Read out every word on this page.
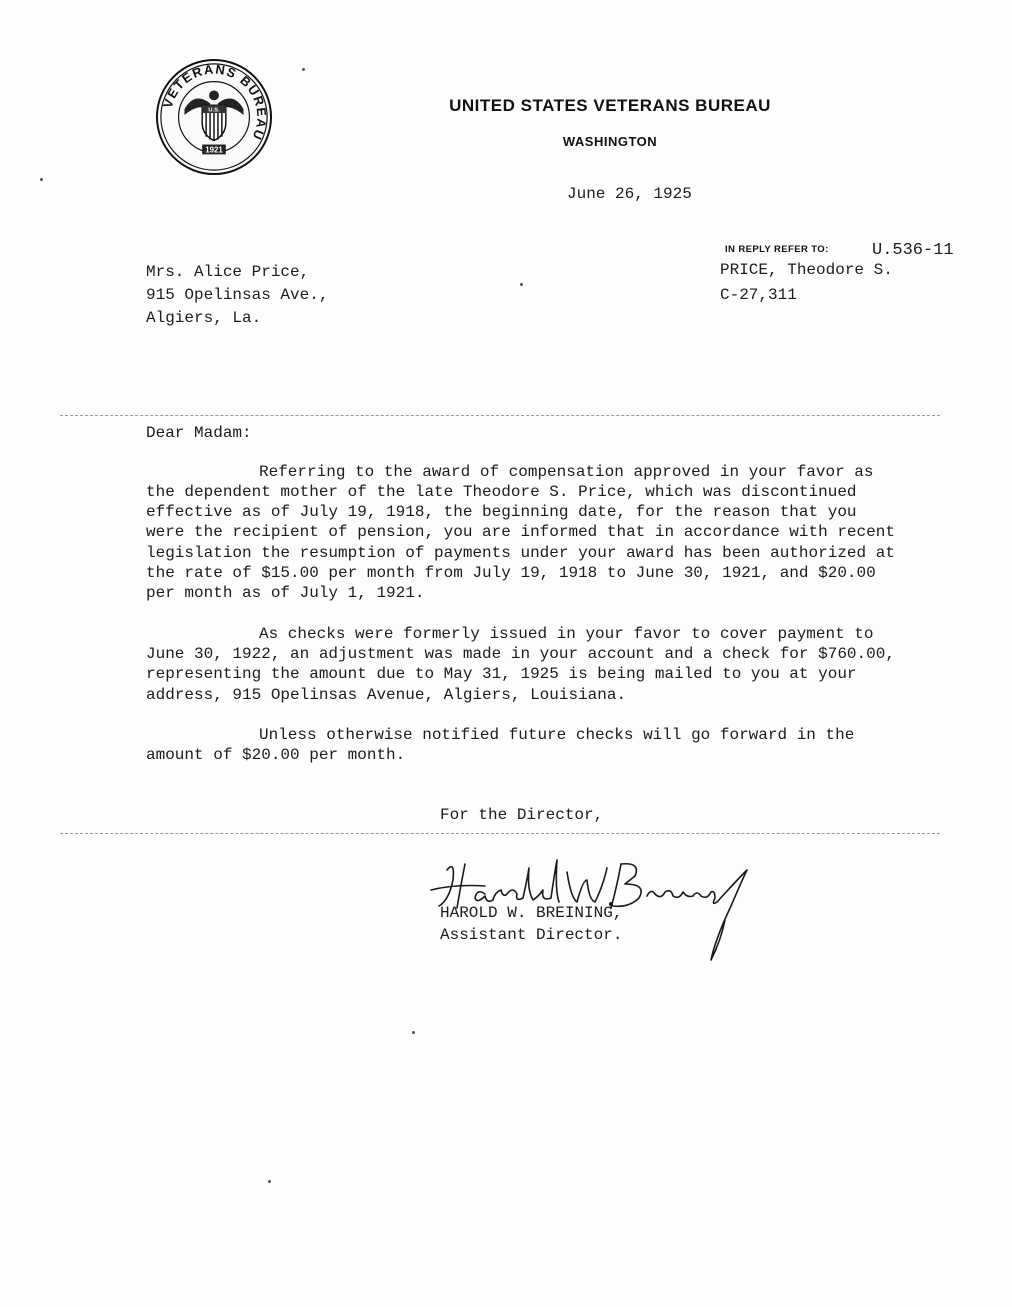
VETERANS BUREAU
U.S.
1921
UNITED STATES VETERANS BUREAU
WASHINGTON
June 26, 1925
IN REPLY REFER TO:	U.536-11
PRICE, Theodore S.
C-27,311
Mrs. Alice Price,
915 Opelinsas Ave.,
Algiers, La.
Dear Madam:
Referring to the award of compensation approved in your favor as
the dependent mother of the late Theodore S. Price, which was discontinued
effective as of July 19, 1918, the beginning date, for the reason that you
were the recipient of pension, you are informed that in accordance with recent
legislation the resumption of payments under your award has been authorized at
the rate of $15.00 per month from July 19, 1918 to June 30, 1921, and $20.00
per month as of July 1, 1921.
As checks were formerly issued in your favor to cover payment to
June 30, 1922, an adjustment was made in your account and a check for $760.00,
representing the amount due to May 31, 1925 is being mailed to you at your
address, 915 Opelinsas Avenue, Algiers, Louisiana.
Unless otherwise notified future checks will go forward in the
amount of $20.00 per month.
For the Director,
HAROLD W. BREINING,
Assistant Director.
